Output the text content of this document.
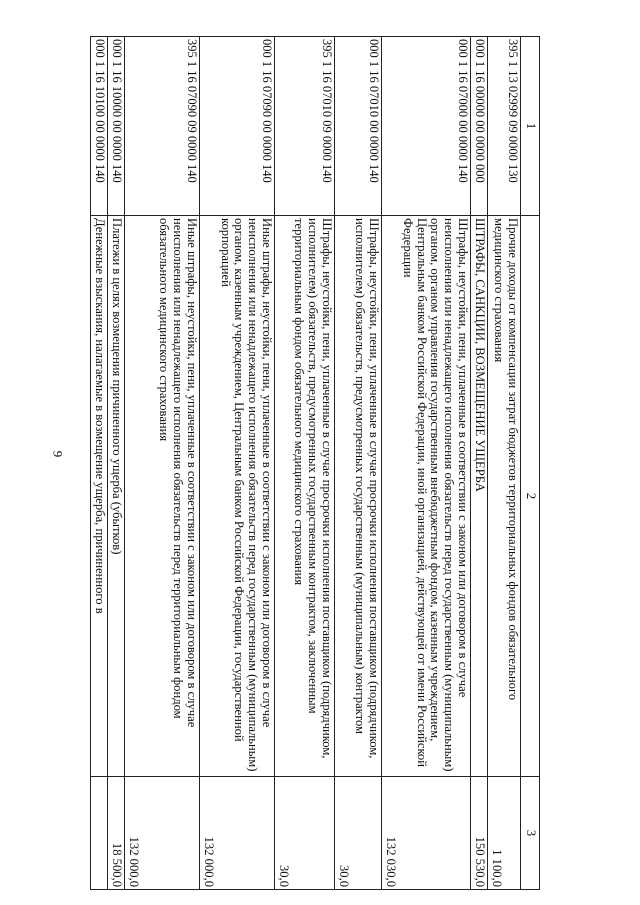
9
1	2	3
395 1 13 02999 09 0000 130	Прочие доходы от компенсации затрат бюджетов территориальных фондов обязательного медицинского страхования	1 100,0
000 1 16 00000 00 0000 000	ШТРАФЫ, САНКЦИИ, ВОЗМЕЩЕНИЕ УЩЕРБА	150 530,0
000 1 16 07000 00 0000 140	Штрафы, неустойки, пени, уплаченные в соответствии с законом или договором в случае неисполнения или ненадлежащего исполнения обязательств перед государственным (муниципальным) органом, органом управления государственным внебюджетным фондом, казенным учреждением, Центральным банком Российской Федерации, иной организацией, действующей от имени Российской Федерации	132 030,0
000 1 16 07010 00 0000 140	Штрафы, неустойки, пени, уплаченные в случае просрочки исполнения поставщиком (подрядчиком, исполнителем) обязательств, предусмотренных государственным (муниципальным) контрактом	30,0
395 1 16 07010 09 0000 140	Штрафы, неустойки, пени, уплаченные в случае просрочки исполнения поставщиком (подрядчиком, исполнителем) обязательств, предусмотренных государственным контрактом, заключенным территориальным фондом обязательного медицинского страхования	30,0
000 1 16 07090 00 0000 140	Иные штрафы, неустойки, пени, уплаченные в соответствии с законом или договором в случае неисполнения или ненадлежащего исполнения обязательств перед государственным (муниципальным) органом, казенным учреждением, Центральным банком Российской Федерации, государственной корпорацией	132 000,0
395 1 16 07090 09 0000 140	Иные штрафы, неустойки, пени, уплаченные в соответствии с законом или договором в случае неисполнения или ненадлежащего исполнения обязательств перед территориальным фондом обязательного медицинского страхования	132 000,0
000 1 16 10000 00 0000 140	Платежи в целях возмещения причиненного ущерба (убытков)	18 500,0
000 1 16 10100 00 0000 140	Денежные взыскания, налагаемые в возмещение ущерба, причиненного в	
